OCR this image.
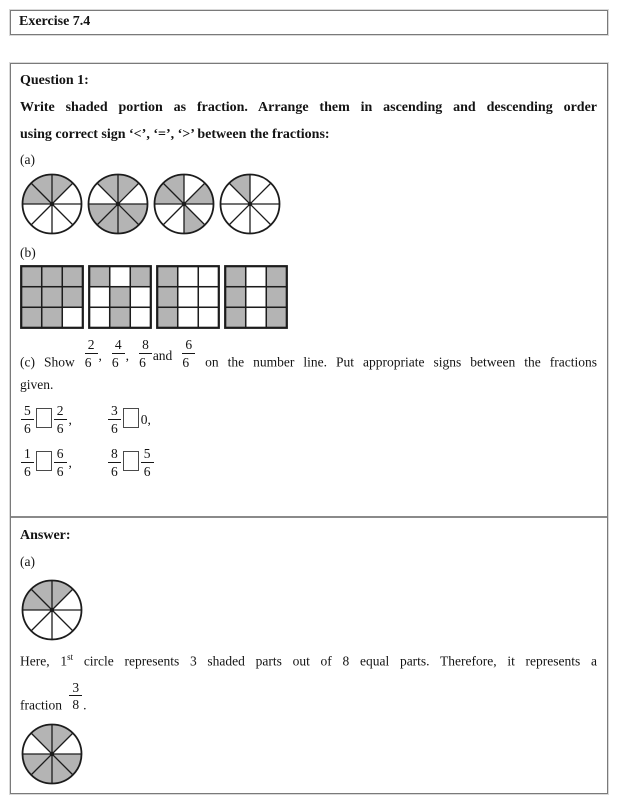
Exercise 7.4
Question 1:
Write shaded portion as fraction. Arrange them in ascending and descending order
using correct sign ‘<’, ‘=’, ‘>’ between the fractions:
(a)
(b)
(c) Show $\frac{2}{6}$ , $\frac{4}{6}$ , $\frac{8}{6}$ and $\frac{6}{6}$ on the number line. Put appropriate signs between the fractions
given.
$\frac{5}{6} \frac{2}{6}$ ,	$\frac{3}{6} 0$,
$\frac{1}{6} \frac{6}{6}$ ,	$\frac{8}{6} \frac{5}{6}$
Answer:
(a)
Here, 1st circle represents 3 shaded parts out of 8 equal parts. Therefore, it represents a
fraction $\frac{3}{8}$ .
